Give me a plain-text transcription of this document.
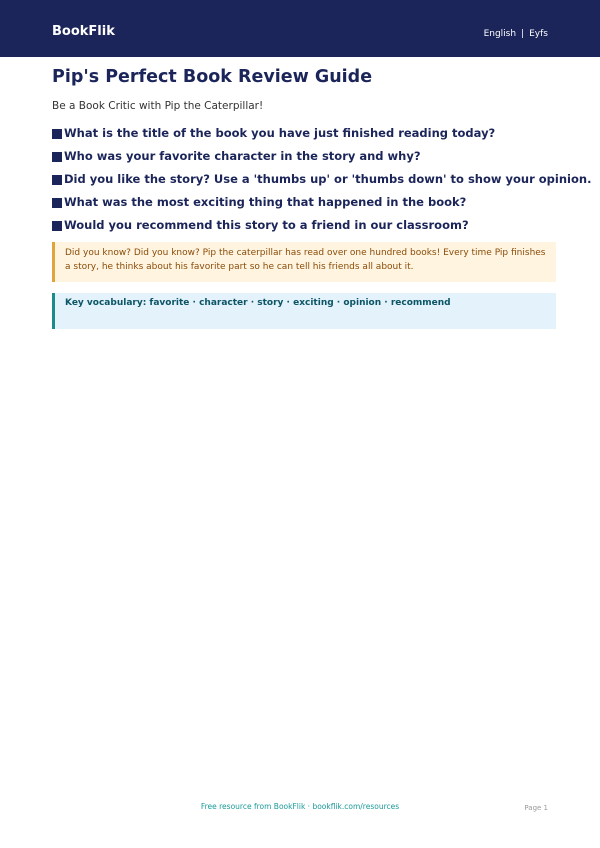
BookFlik	English | Eyfs
Pip's Perfect Book Review Guide
Be a Book Critic with Pip the Caterpillar!
What is the title of the book you have just finished reading today?
Who was your favorite character in the story and why?
Did you like the story? Use a 'thumbs up' or 'thumbs down' to show your opinion.
What was the most exciting thing that happened in the book?
Would you recommend this story to a friend in our classroom?
Did you know? Did you know? Pip the caterpillar has read over one hundred books! Every time Pip finishes a story, he thinks about his favorite part so he can tell his friends all about it.
Key vocabulary: favorite · character · story · exciting · opinion · recommend
Free resource from BookFlik · bookflik.com/resources	Page 1
